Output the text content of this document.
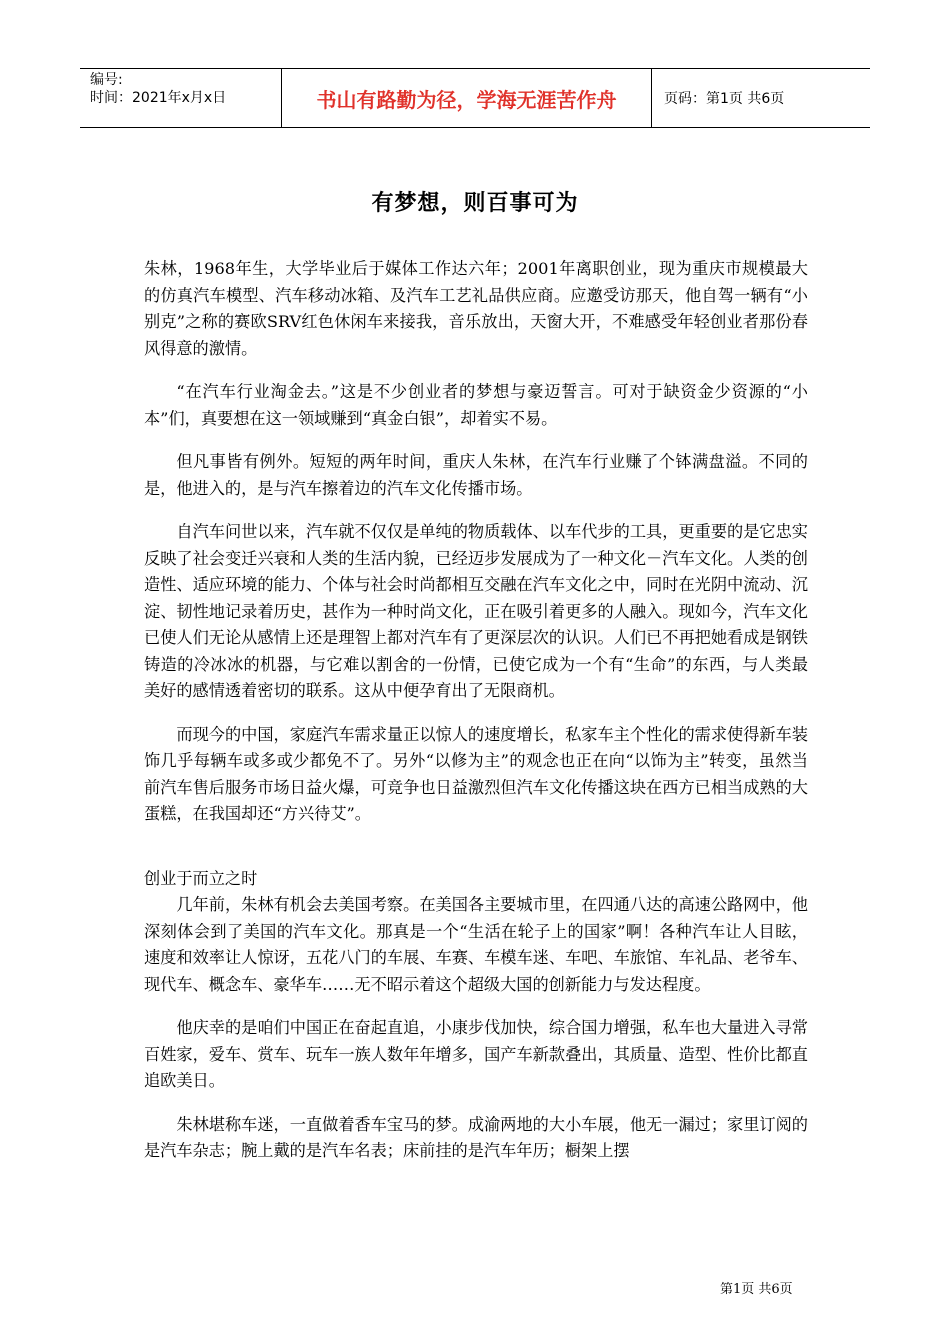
编号:
时间：2021年x月x日	书山有路勤为径，学海无涯苦作舟	页码：第1页 共6页
有梦想，则百事可为

朱林，1968年生，大学毕业后于媒体工作达六年；2001年离职创业，现为重庆市规模最大的仿真汽车模型、汽车移动冰箱、及汽车工艺礼品供应商。应邀受访那天，他自驾一辆有“小别克”之称的赛欧SRV红色休闲车来接我，音乐放出，天窗大开，不难感受年轻创业者那份春风得意的激情。

“在汽车行业淘金去。”这是不少创业者的梦想与豪迈誓言。可对于缺资金少资源的“小本”们，真要想在这一领域赚到“真金白银”，却着实不易。

但凡事皆有例外。短短的两年时间，重庆人朱林，在汽车行业赚了个钵满盘溢。不同的是，他进入的，是与汽车擦着边的汽车文化传播市场。

自汽车问世以来，汽车就不仅仅是单纯的物质载体、以车代步的工具，更重要的是它忠实反映了社会变迁兴衰和人类的生活内貌，已经迈步发展成为了一种文化－汽车文化。人类的创造性、适应环境的能力、个体与社会时尚都相互交融在汽车文化之中，同时在光阴中流动、沉淀、韧性地记录着历史，甚作为一种时尚文化，正在吸引着更多的人融入。现如今，汽车文化已使人们无论从感情上还是理智上都对汽车有了更深层次的认识。人们已不再把她看成是钢铁铸造的冷冰冰的机器，与它难以割舍的一份情，已使它成为一个有“生命”的东西，与人类最美好的感情透着密切的联系。这从中便孕育出了无限商机。

而现今的中国，家庭汽车需求量正以惊人的速度增长，私家车主个性化的需求使得新车装饰几乎每辆车或多或少都免不了。另外“以修为主”的观念也正在向“以饰为主”转变，虽然当前汽车售后服务市场日益火爆，可竞争也日益激烈但汽车文化传播这块在西方已相当成熟的大蛋糕，在我国却还“方兴待艾”。

创业于而立之时

几年前，朱林有机会去美国考察。在美国各主要城市里，在四通八达的高速公路网中，他深刻体会到了美国的汽车文化。那真是一个“生活在轮子上的国家”啊！各种汽车让人目眩，速度和效率让人惊讶，五花八门的车展、车赛、车模车迷、车吧、车旅馆、车礼品、老爷车、现代车、概念车、豪华车……无不昭示着这个超级大国的创新能力与发达程度。

他庆幸的是咱们中国正在奋起直追，小康步伐加快，综合国力增强，私车也大量进入寻常百姓家，爱车、赏车、玩车一族人数年年增多，国产车新款叠出，其质量、造型、性价比都直追欧美日。

朱林堪称车迷，一直做着香车宝马的梦。成渝两地的大小车展，他无一漏过；家里订阅的是汽车杂志；腕上戴的是汽车名表；床前挂的是汽车年历；橱架上摆

第1页 共6页
